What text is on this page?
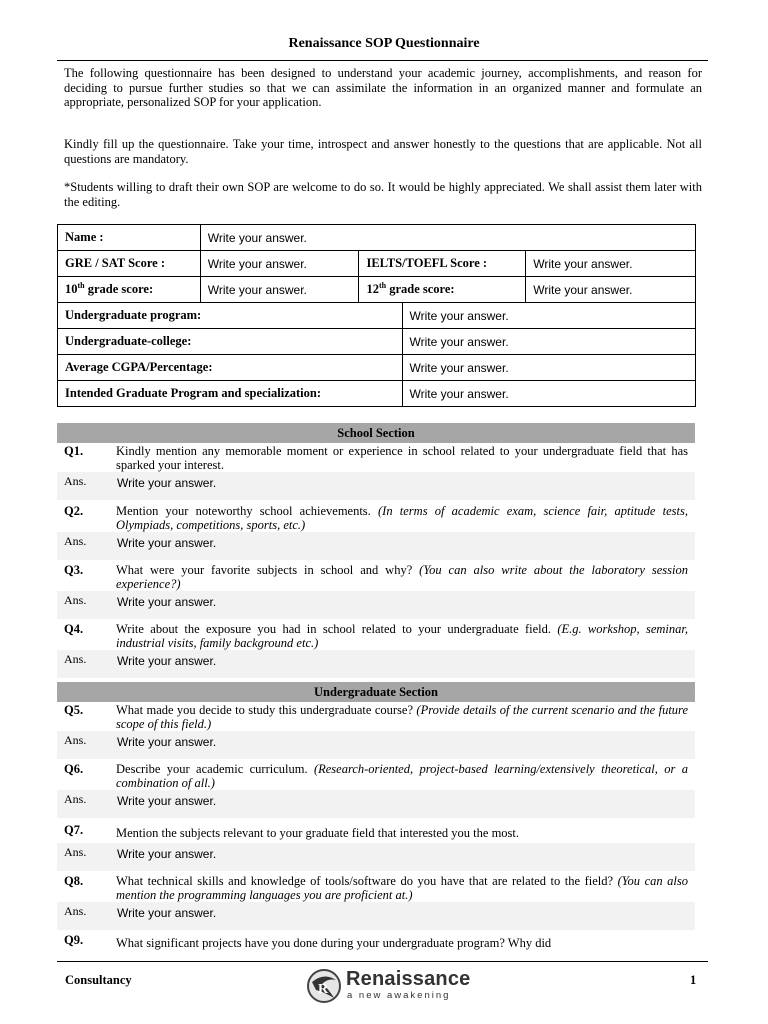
Renaissance SOP Questionnaire
The following questionnaire has been designed to understand your academic journey, accomplishments, and reason for deciding to pursue further studies so that we can assimilate the information in an organized manner and formulate an appropriate, personalized SOP for your application.
Kindly fill up the questionnaire. Take your time, introspect and answer honestly to the questions that are applicable. Not all questions are mandatory.
*Students willing to draft their own SOP are welcome to do so. It would be highly appreciated. We shall assist them later with the editing.
Name :	Write your answer.		
GRE / SAT Score :	Write your answer.	IELTS/TOEFL Score :	Write your answer.
10th grade score:	Write your answer.	12th grade score:	Write your answer.
Undergraduate program:	Write your answer.
Undergraduate-college:	Write your answer.
Average CGPA/Percentage:	Write your answer.
Intended Graduate Program and specialization:	Write your answer.
School Section
Q1.	Kindly mention any memorable moment or experience in school related to your undergraduate field that has sparked your interest.
Ans.	Write your answer.
Q2.	Mention your noteworthy school achievements. (In terms of academic exam, science fair, aptitude tests, Olympiads, competitions, sports, etc.)
Ans.	Write your answer.
Q3.	What were your favorite subjects in school and why? (You can also write about the laboratory session experience?)
Ans.	Write your answer.
Q4.	Write about the exposure you had in school related to your undergraduate field. (E.g. workshop, seminar, industrial visits, family background etc.)
Ans.	Write your answer.
Undergraduate Section
Q5.	What made you decide to study this undergraduate course? (Provide details of the current scenario and the future scope of this field.)
Ans.	Write your answer.
Q6.	Describe your academic curriculum. (Research-oriented, project-based learning/extensively theoretical, or a combination of all.)
Ans.	Write your answer.
Q7.	Mention the subjects relevant to your graduate field that interested you the most.
Ans.	Write your answer.
Q8.	What technical skills and knowledge of tools/software do you have that are related to the field? (You can also mention the programming languages you are proficient at.)
Ans.	Write your answer.
Q9.	What significant projects have you done during your undergraduate program? Why did
Consultancy
R Renaissance
a new awakening
1
